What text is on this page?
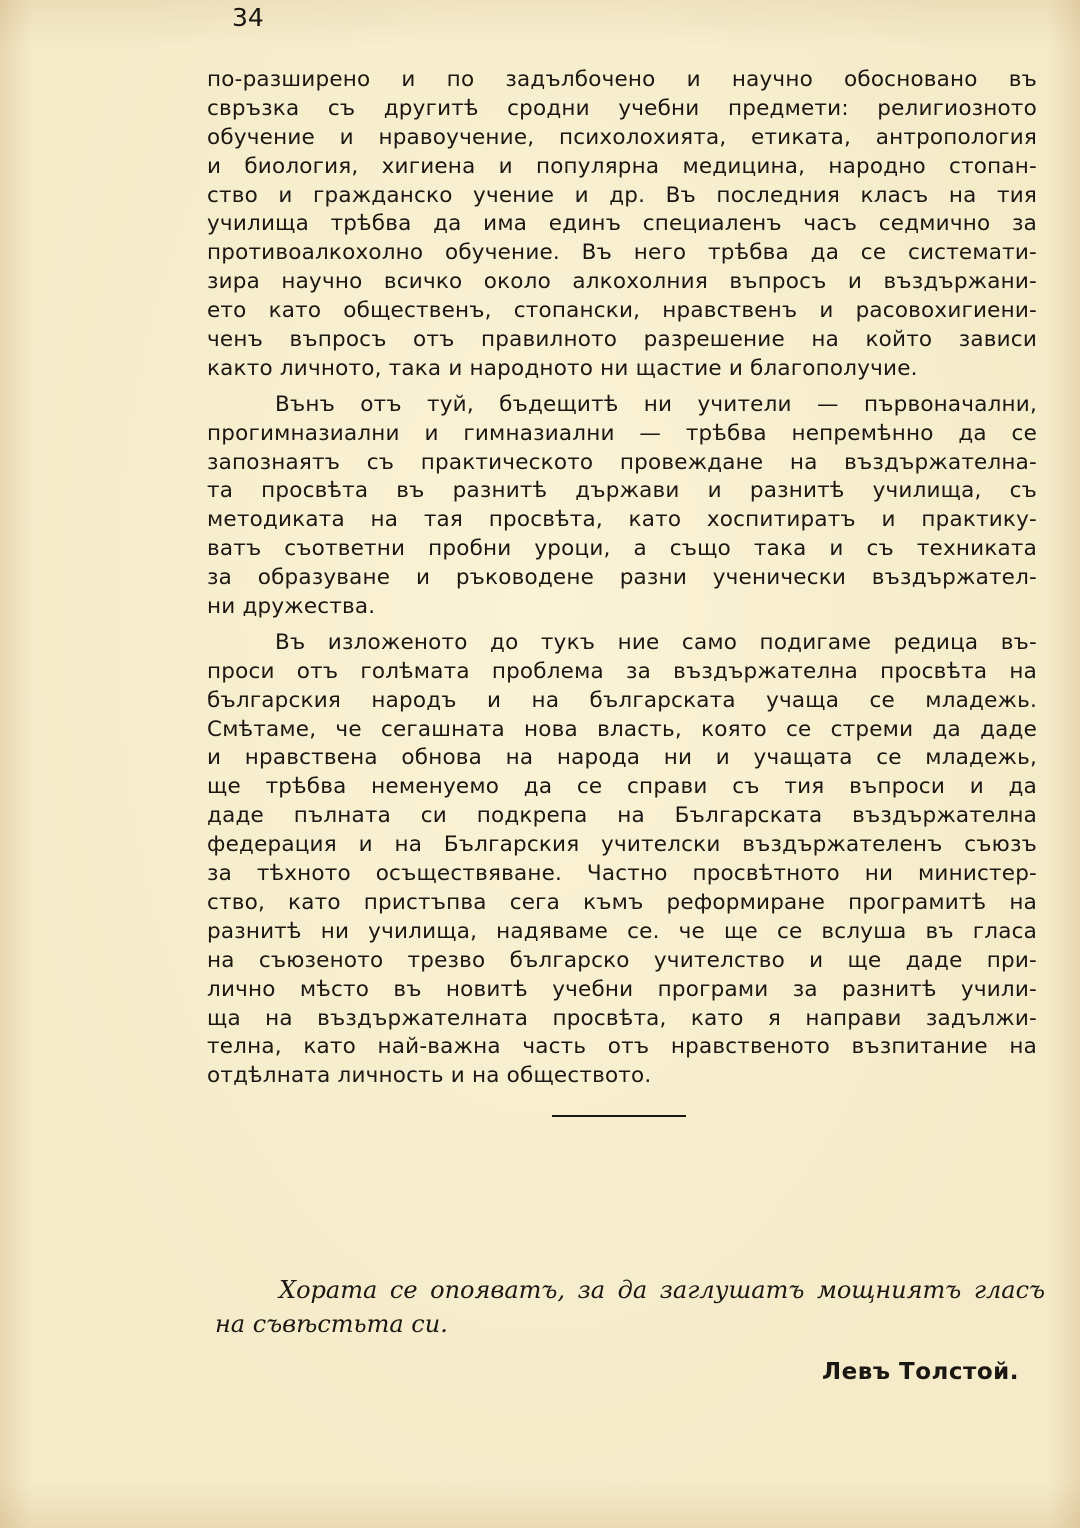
34
по-разширено и по задълбочено и научно обосновано въ
свръзка съ другитѣ сродни учебни предмети: религиозното
обучение и нравоучение, психолохията, етиката, антропология
и биология, хигиена и популярна медицина, народно стопан-
ство и гражданско учение и др. Въ последния класъ на тия
училища трѣбва да има единъ специаленъ часъ седмично за
противоалкохолно обучение. Въ него трѣбва да се системати-
зира научно всичко около алкохолния въпросъ и въздържани-
ето като общественъ, стопански, нравственъ и расовохигиени-
ченъ въпросъ отъ правилното разрешение на който зависи
както личното, така и народното ни щастие и благополучие.
Вънъ отъ туй, бъдещитѣ ни учители — първоначални,
прогимназиални и гимназиални — трѣбва непремѣнно да се
запознаятъ съ практическото провеждане на въздържателна-
та просвѣта въ разнитѣ държави и разнитѣ училища, съ
методиката на тая просвѣта, като хоспитиратъ и практику-
ватъ съответни пробни уроци, а също така и съ техниката
за образуване и ръководене разни ученически въздържател-
ни дружества.
Въ изложеното до тукъ ние само подигаме редица въ-
проси отъ голѣмата проблема за въздържателна просвѣта на
българския народъ и на българската учаща се младежь.
Смѣтаме, че сегашната нова власть, която се стреми да даде
и нравствена обнова на народа ни и учащата се младежь,
ще трѣбва неменуемо да се справи съ тия въпроси и да
даде пълната си подкрепа на Българската въздържателна
федерация и на Българския учителски въздържателенъ съюзъ
за тѣхното осъществяване. Частно просвѣтното ни министер-
ство, като пристъпва сега къмъ реформиране програмитѣ на
разнитѣ ни училища, надяваме се. че ще се вслуша въ гласа
на съюзеното трезво българско учителство и ще даде при-
лично мѣсто въ новитѣ учебни програми за разнитѣ учили-
ща на въздържателната просвѣта, като я направи задължи-
телна, като най-важна часть отъ нравственото възпитание на
отдѣлната личность и на обществото.
Хората се опояватъ, за да заглушатъ мощниятъ гласъ
на съвѣстьта си.
Левъ Толстой.
